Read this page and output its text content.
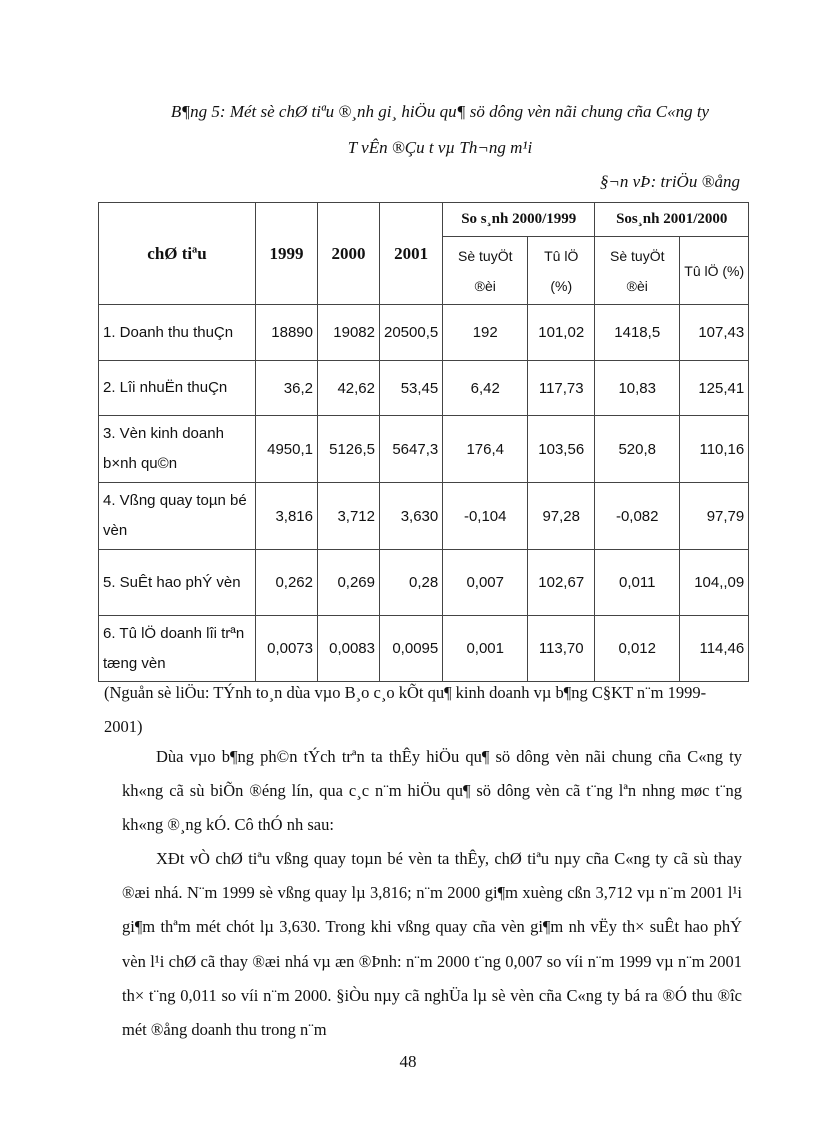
B¶ng 5: Mét sè chØ tiªu ®¸nh gi¸ hiÖu qu¶ sö dông vèn nãi chung cña C«ng ty
T vÊn ®Çu t vµ Th¬ng m¹i
§¬n vÞ: triÖu ®ång
chØ tiªu	1999	2000	2001	So s¸nh 2000/1999		Sos¸nh 2001/2000	
				Sè tuyÖt ®èi	Tû lÖ (%)	Sè tuyÖt ®èi	Tû lÖ (%)
1. Doanh thu thuÇn	18890	19082	20500,5	192	101,02	1418,5	107,43
2. Lîi nhuËn thuÇn	36,2	42,62	53,45	6,42	117,73	10,83	125,41
3. Vèn kinh doanh b×nh qu©n	4950,1	5126,5	5647,3	176,4	103,56	520,8	110,16
4. Vßng quay toµn bé vèn	3,816	3,712	3,630	-0,104	97,28	-0,082	97,79
5. SuÊt hao phÝ vèn	0,262	0,269	0,28	0,007	102,67	0,011	104,,09
6. Tû lÖ doanh lîi trªn tæng vèn	0,0073	0,0083	0,0095	0,001	113,70	0,012	114,46

(Nguån sè liÖu: TÝnh to¸n dùa vµo B¸o c¸o kÕt qu¶ kinh doanh vµ b¶ng C§KT n¨m 1999-2001)

Dùa vµo b¶ng ph©n tÝch trªn ta thÊy hiÖu qu¶ sö dông vèn nãi chung cña C«ng ty kh«ng cã sù biÕn ®éng lín, qua c¸c n¨m hiÖu qu¶ sö dông vèn cã t¨ng lªn nhng møc t¨ng kh«ng ®¸ng kÓ. Cô thÓ nh sau:

XÐt vÒ chØ tiªu vßng quay toµn bé vèn ta thÊy, chØ tiªu nµy cña C«ng ty cã sù thay ®æi nhá. N¨m 1999 sè vßng quay lµ 3,816; n¨m 2000 gi¶m xuèng cßn 3,712 vµ n¨m 2001 l¹i gi¶m thªm mét chót lµ 3,630. Trong khi vßng quay cña vèn gi¶m nh vËy th× suÊt hao phÝ vèn l¹i chØ cã thay ®æi nhá vµ æn ®Þnh: n¨m 2000 t¨ng 0,007 so víi n¨m 1999 vµ n¨m 2001 th× t¨ng 0,011 so víi n¨m 2000. §iÒu nµy cã nghÜa lµ sè vèn cña C«ng ty bá ra ®Ó thu ®îc mét ®ång doanh thu trong n¨m

48
